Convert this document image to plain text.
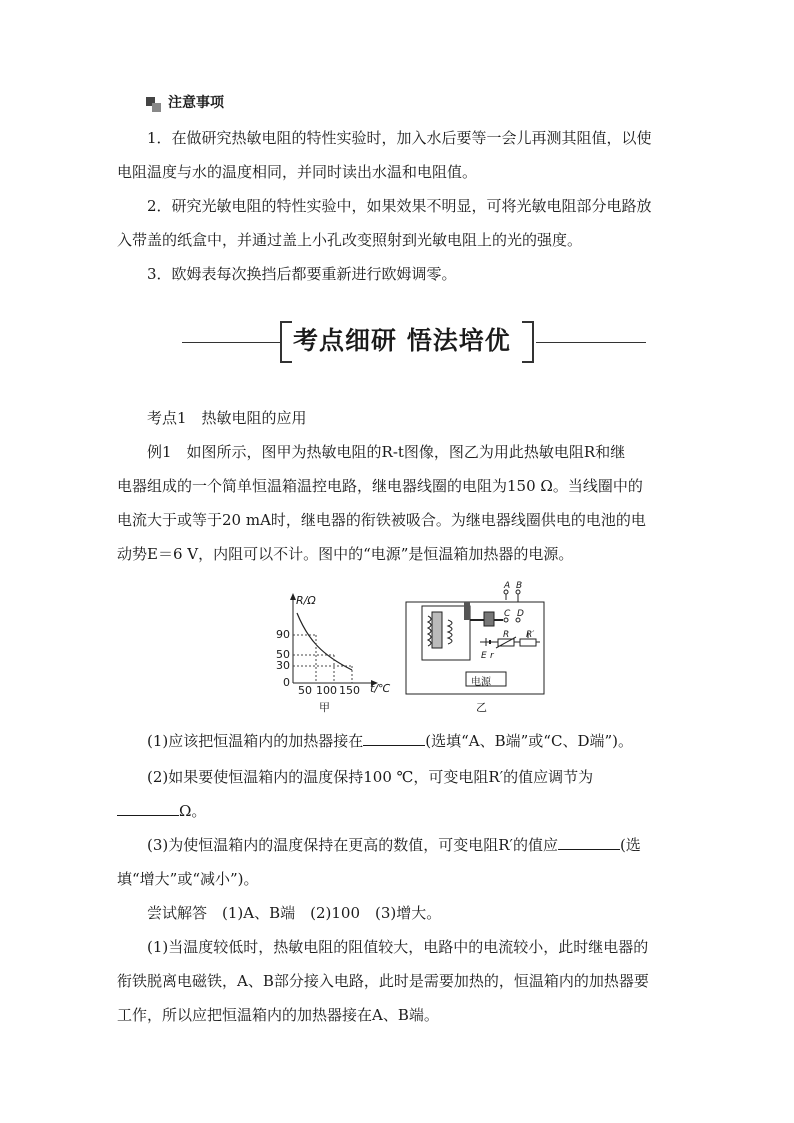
注意事项
1．在做研究热敏电阻的特性实验时，加入水后要等一会儿再测其阻值，以使
电阻温度与水的温度相同，并同时读出水温和电阻值。
2．研究光敏电阻的特性实验中，如果效果不明显，可将光敏电阻部分电路放
入带盖的纸盒中，并通过盖上小孔改变照射到光敏电阻上的光的强度。
3．欧姆表每次换挡后都要重新进行欧姆调零。
考点细研 悟法培优
考点1　热敏电阻的应用
例1　如图所示，图甲为热敏电阻的R-t图像，图乙为用此热敏电阻R和继
电器组成的一个简单恒温箱温控电路，继电器线圈的电阻为150 Ω。当线圈中的
电流大于或等于20 mA时，继电器的衔铁被吸合。为继电器线圈供电的电池的电
动势E＝6 V，内阻可以不计。图中的“电源”是恒温箱加热器的电源。
R/Ω
90
50
30
0
50 100 150 t/℃
甲
A B
C D
R R′
E r
电源
乙
(1)应该把恒温箱内的加热器接在	(选填“A、B端”或“C、D端”)。
(2)如果要使恒温箱内的温度保持100 ℃，可变电阻R′的值应调节为
Ω。
(3)为使恒温箱内的温度保持在更高的数值，可变电阻R′的值应	(选
填“增大”或“减小”)。
尝试解答　(1)A、B端　(2)100　(3)增大。
(1)当温度较低时，热敏电阻的阻值较大，电路中的电流较小，此时继电器的
衔铁脱离电磁铁，A、B部分接入电路，此时是需要加热的，恒温箱内的加热器要
工作，所以应把恒温箱内的加热器接在A、B端。
